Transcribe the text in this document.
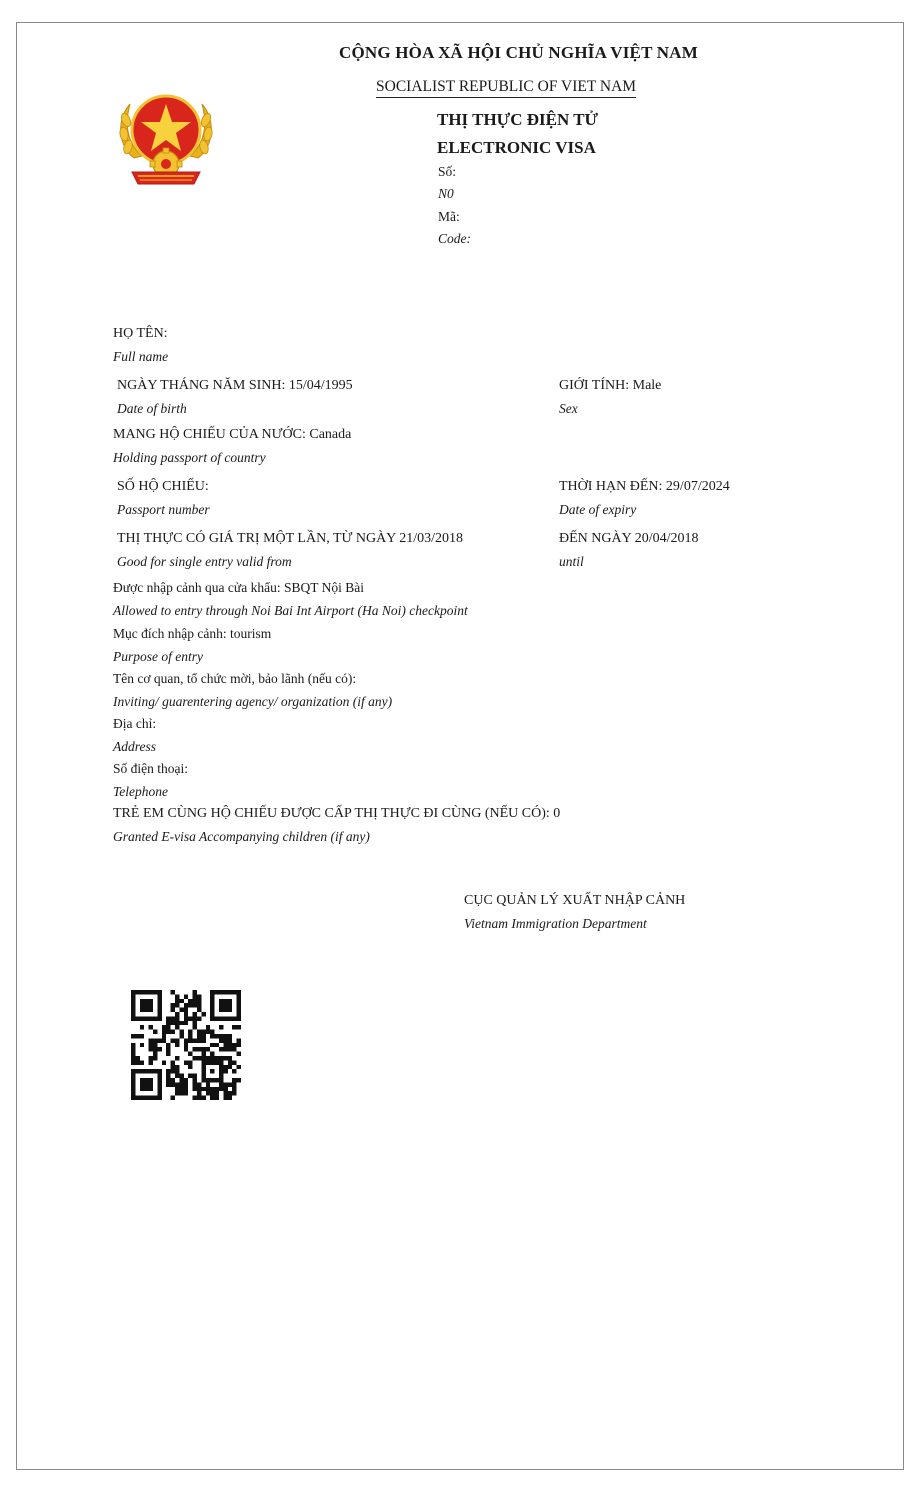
CỘNG HÒA XÃ HỘI CHỦ NGHĨA VIỆT NAM
SOCIALIST REPUBLIC OF VIET NAM
THỊ THỰC ĐIỆN TỬ
ELECTRONIC VISA
Số:
N0
Mã:
Code:
HỌ TÊN:
Full name
NGÀY THÁNG NĂM SINH: 15/04/1995
Date of birth
GIỚI TÍNH: Male
Sex
MANG HỘ CHIẾU CỦA NƯỚC: Canada
Holding passport of country
SỐ HỘ CHIẾU:
Passport number
THỜI HẠN ĐẾN: 29/07/2024
Date of expiry
THỊ THỰC CÓ GIÁ TRỊ MỘT LẦN, TỪ NGÀY 21/03/2018
Good for single entry valid from
ĐẾN NGÀY 20/04/2018
until
Được nhập cảnh qua cửa khẩu: SBQT Nội Bài
Allowed to entry through Noi Bai Int Airport (Ha Noi) checkpoint
Mục đích nhập cảnh: tourism
Purpose of entry
Tên cơ quan, tổ chức mời, bảo lãnh (nếu có):
Inviting/ guarentering agency/ organization (if any)
Địa chỉ:
Address
Số điện thoại:
Telephone
TRẺ EM CÙNG HỘ CHIẾU ĐƯỢC CẤP THỊ THỰC ĐI CÙNG (NẾU CÓ): 0
Granted E-visa Accompanying children (if any)
CỤC QUẢN LÝ XUẤT NHẬP CẢNH
Vietnam Immigration Department
